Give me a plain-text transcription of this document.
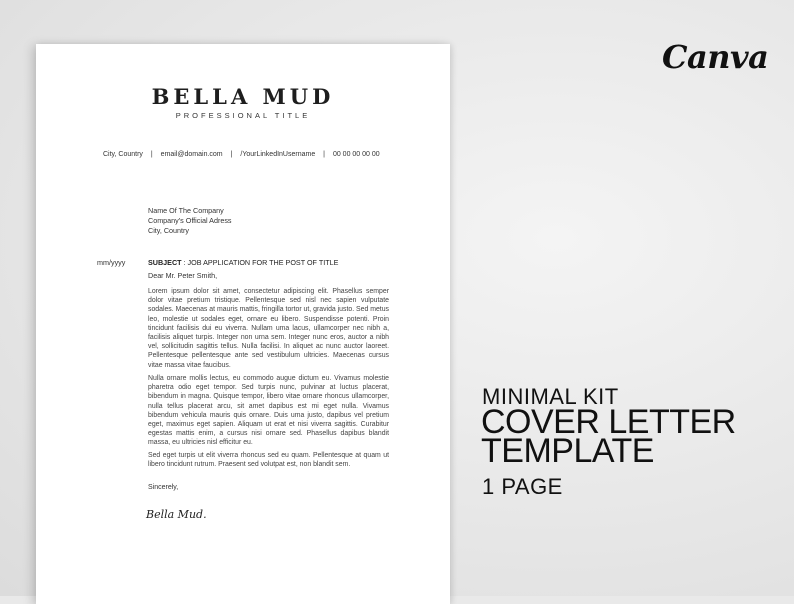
BELLA MUD
PROFESSIONAL TITLE
City, Country | email@domain.com | /YourLinkedInUsername | 00 00 00 00 00
Name Of The Company
Company's Official Adress
City, Country
mm/yyyy	SUBJECT : JOB APPLICATION FOR THE POST OF TITLE
Dear Mr. Peter Smith,

Lorem ipsum dolor sit amet, consectetur adipiscing elit. Phasellus semper dolor vitae pretium tristique. Pellentesque sed nisl nec sapien vulputate sodales. Maecenas at mauris mattis, fringilla tortor ut, gravida justo. Sed metus leo, molestie ut sodales eget, ornare eu libero. Suspendisse potenti. Proin tincidunt facilisis dui eu viverra. Nullam uma lacus, ullamcorper nec nibh a, facilisis aliquet turpis. Integer non urna sem. Integer nunc eros, auctor a nibh vel, sollicitudin sagittis tellus. Nulla facilisi. In aliquet ac nunc auctor laoreet. Pellentesque pellentesque ante sed vestibulum ultricies. Maecenas cursus vitae massa vitae faucibus.

Nulla ornare mollis lectus, eu commodo augue dictum eu. Vivamus molestie pharetra odio eget tempor. Sed turpis nunc, pulvinar at luctus placerat, bibendum in magna. Quisque tempor, libero vitae ornare rhoncus ullamcorper, nulla tellus placerat arcu, sit amet dapibus est mi eget nulla. Vivamus bibendum vehicula mauris quis ornare. Duis uma justo, dapibus vel pretium eget, maximus eget sapien. Aliquam ut erat et nisi viverra sagittis. Curabitur egestas mattis enim, a cursus nisi ornare sed. Phasellus dapibus blandit massa, eu ultricies nisl efficitur eu.

Sed eget turpis ut elit viverra rhoncus sed eu quam. Pellentesque at quam ut libero tincidunt rutrum. Praesent sed volutpat est, non blandit sem.

Sincerely,
Bella Mud.
Canva
MINIMAL KIT
COVER LETTER
TEMPLATE
1 PAGE
